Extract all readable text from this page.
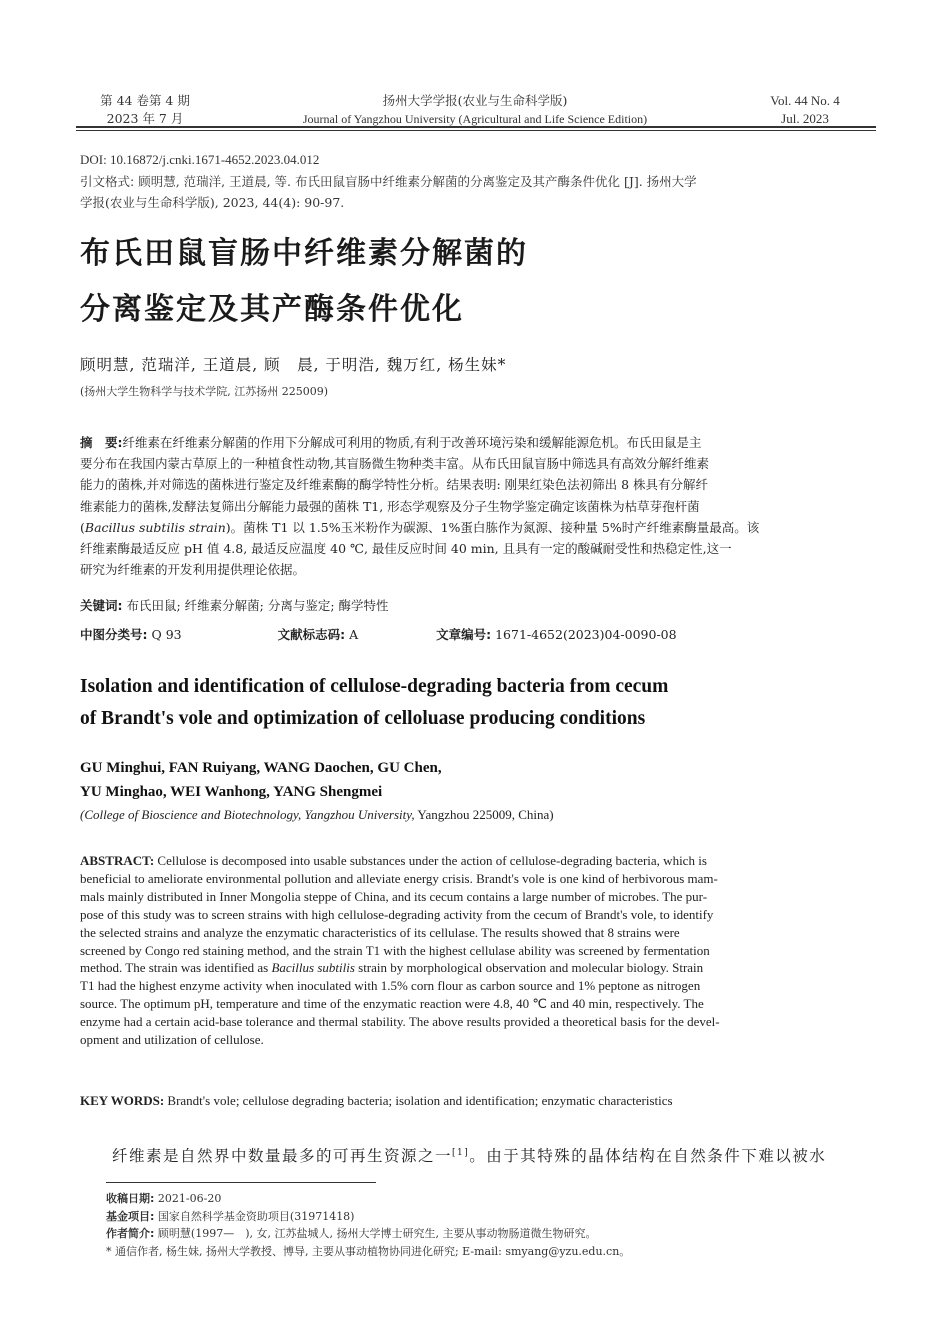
第 44 卷第 4 期
2023 年 7 月
扬州大学学报(农业与生命科学版)
Journal of Yangzhou University (Agricultural and Life Science Edition)
Vol. 44 No. 4
Jul. 2023
DOI: 10.16872/j.cnki.1671-4652.2023.04.012
引文格式: 顾明慧, 范瑞洋, 王道晨, 等. 布氏田鼠盲肠中纤维素分解菌的分离鉴定及其产酶条件优化 [J]. 扬州大学
学报(农业与生命科学版), 2023, 44(4): 90-97.
布氏田鼠盲肠中纤维素分解菌的
分离鉴定及其产酶条件优化
顾明慧, 范瑞洋, 王道晨, 顾　晨, 于明浩, 魏万红, 杨生妹*
(扬州大学生物科学与技术学院, 江苏扬州 225009)
摘　要:纤维素在纤维素分解菌的作用下分解成可利用的物质,有利于改善环境污染和缓解能源危机。布氏田鼠是主
要分布在我国内蒙古草原上的一种植食性动物,其盲肠微生物种类丰富。从布氏田鼠盲肠中筛选具有高效分解纤维素
能力的菌株,并对筛选的菌株进行鉴定及纤维素酶的酶学特性分析。结果表明: 刚果红染色法初筛出 8 株具有分解纤
维素能力的菌株,发酵法复筛出分解能力最强的菌株 T1, 形态学观察及分子生物学鉴定确定该菌株为枯草芽孢杆菌
(Bacillus subtilis strain)。菌株 T1 以 1.5%玉米粉作为碳源、1%蛋白胨作为氮源、接种量 5%时产纤维素酶量最高。该
纤维素酶最适反应 pH 值 4.8, 最适反应温度 40 ℃, 最佳反应时间 40 min, 且具有一定的酸碱耐受性和热稳定性,这一
研究为纤维素的开发利用提供理论依据。
关键词: 布氏田鼠; 纤维素分解菌; 分离与鉴定; 酶学特性
中图分类号: Q 93	文献标志码: A	文章编号: 1671-4652(2023)04-0090-08
Isolation and identification of cellulose-degrading bacteria from cecum
of Brandt's vole and optimization of celloluase producing conditions
GU Minghui, FAN Ruiyang, WANG Daochen, GU Chen,
YU Minghao, WEI Wanhong, YANG Shengmei
(College of Bioscience and Biotechnology, Yangzhou University, Yangzhou 225009, China)
ABSTRACT: Cellulose is decomposed into usable substances under the action of cellulose-degrading bacteria, which is
beneficial to ameliorate environmental pollution and alleviate energy crisis. Brandt's vole is one kind of herbivorous mam-
mals mainly distributed in Inner Mongolia steppe of China, and its cecum contains a large number of microbes. The pur-
pose of this study was to screen strains with high cellulose-degrading activity from the cecum of Brandt's vole, to identify
the selected strains and analyze the enzymatic characteristics of its cellulase. The results showed that 8 strains were
screened by Congo red staining method, and the strain T1 with the highest cellulase ability was screened by fermentation
method. The strain was identified as Bacillus subtilis strain by morphological observation and molecular biology. Strain
T1 had the highest enzyme activity when inoculated with 1.5% corn flour as carbon source and 1% peptone as nitrogen
source. The optimum pH, temperature and time of the enzymatic reaction were 4.8, 40 ℃ and 40 min, respectively. The
enzyme had a certain acid-base tolerance and thermal stability. The above results provided a theoretical basis for the devel-
opment and utilization of cellulose.
KEY WORDS: Brandt's vole; cellulose degrading bacteria; isolation and identification; enzymatic characteristics
纤维素是自然界中数量最多的可再生资源之一[1]。由于其特殊的晶体结构在自然条件下难以被水
收稿日期: 2021-06-20
基金项目: 国家自然科学基金资助项目(31971418)
作者简介: 顾明慧(1997—　), 女, 江苏盐城人, 扬州大学博士研究生, 主要从事动物肠道微生物研究。
* 通信作者, 杨生妹, 扬州大学教授、博导, 主要从事动植物协同进化研究; E-mail: smyang@yzu.edu.cn。
